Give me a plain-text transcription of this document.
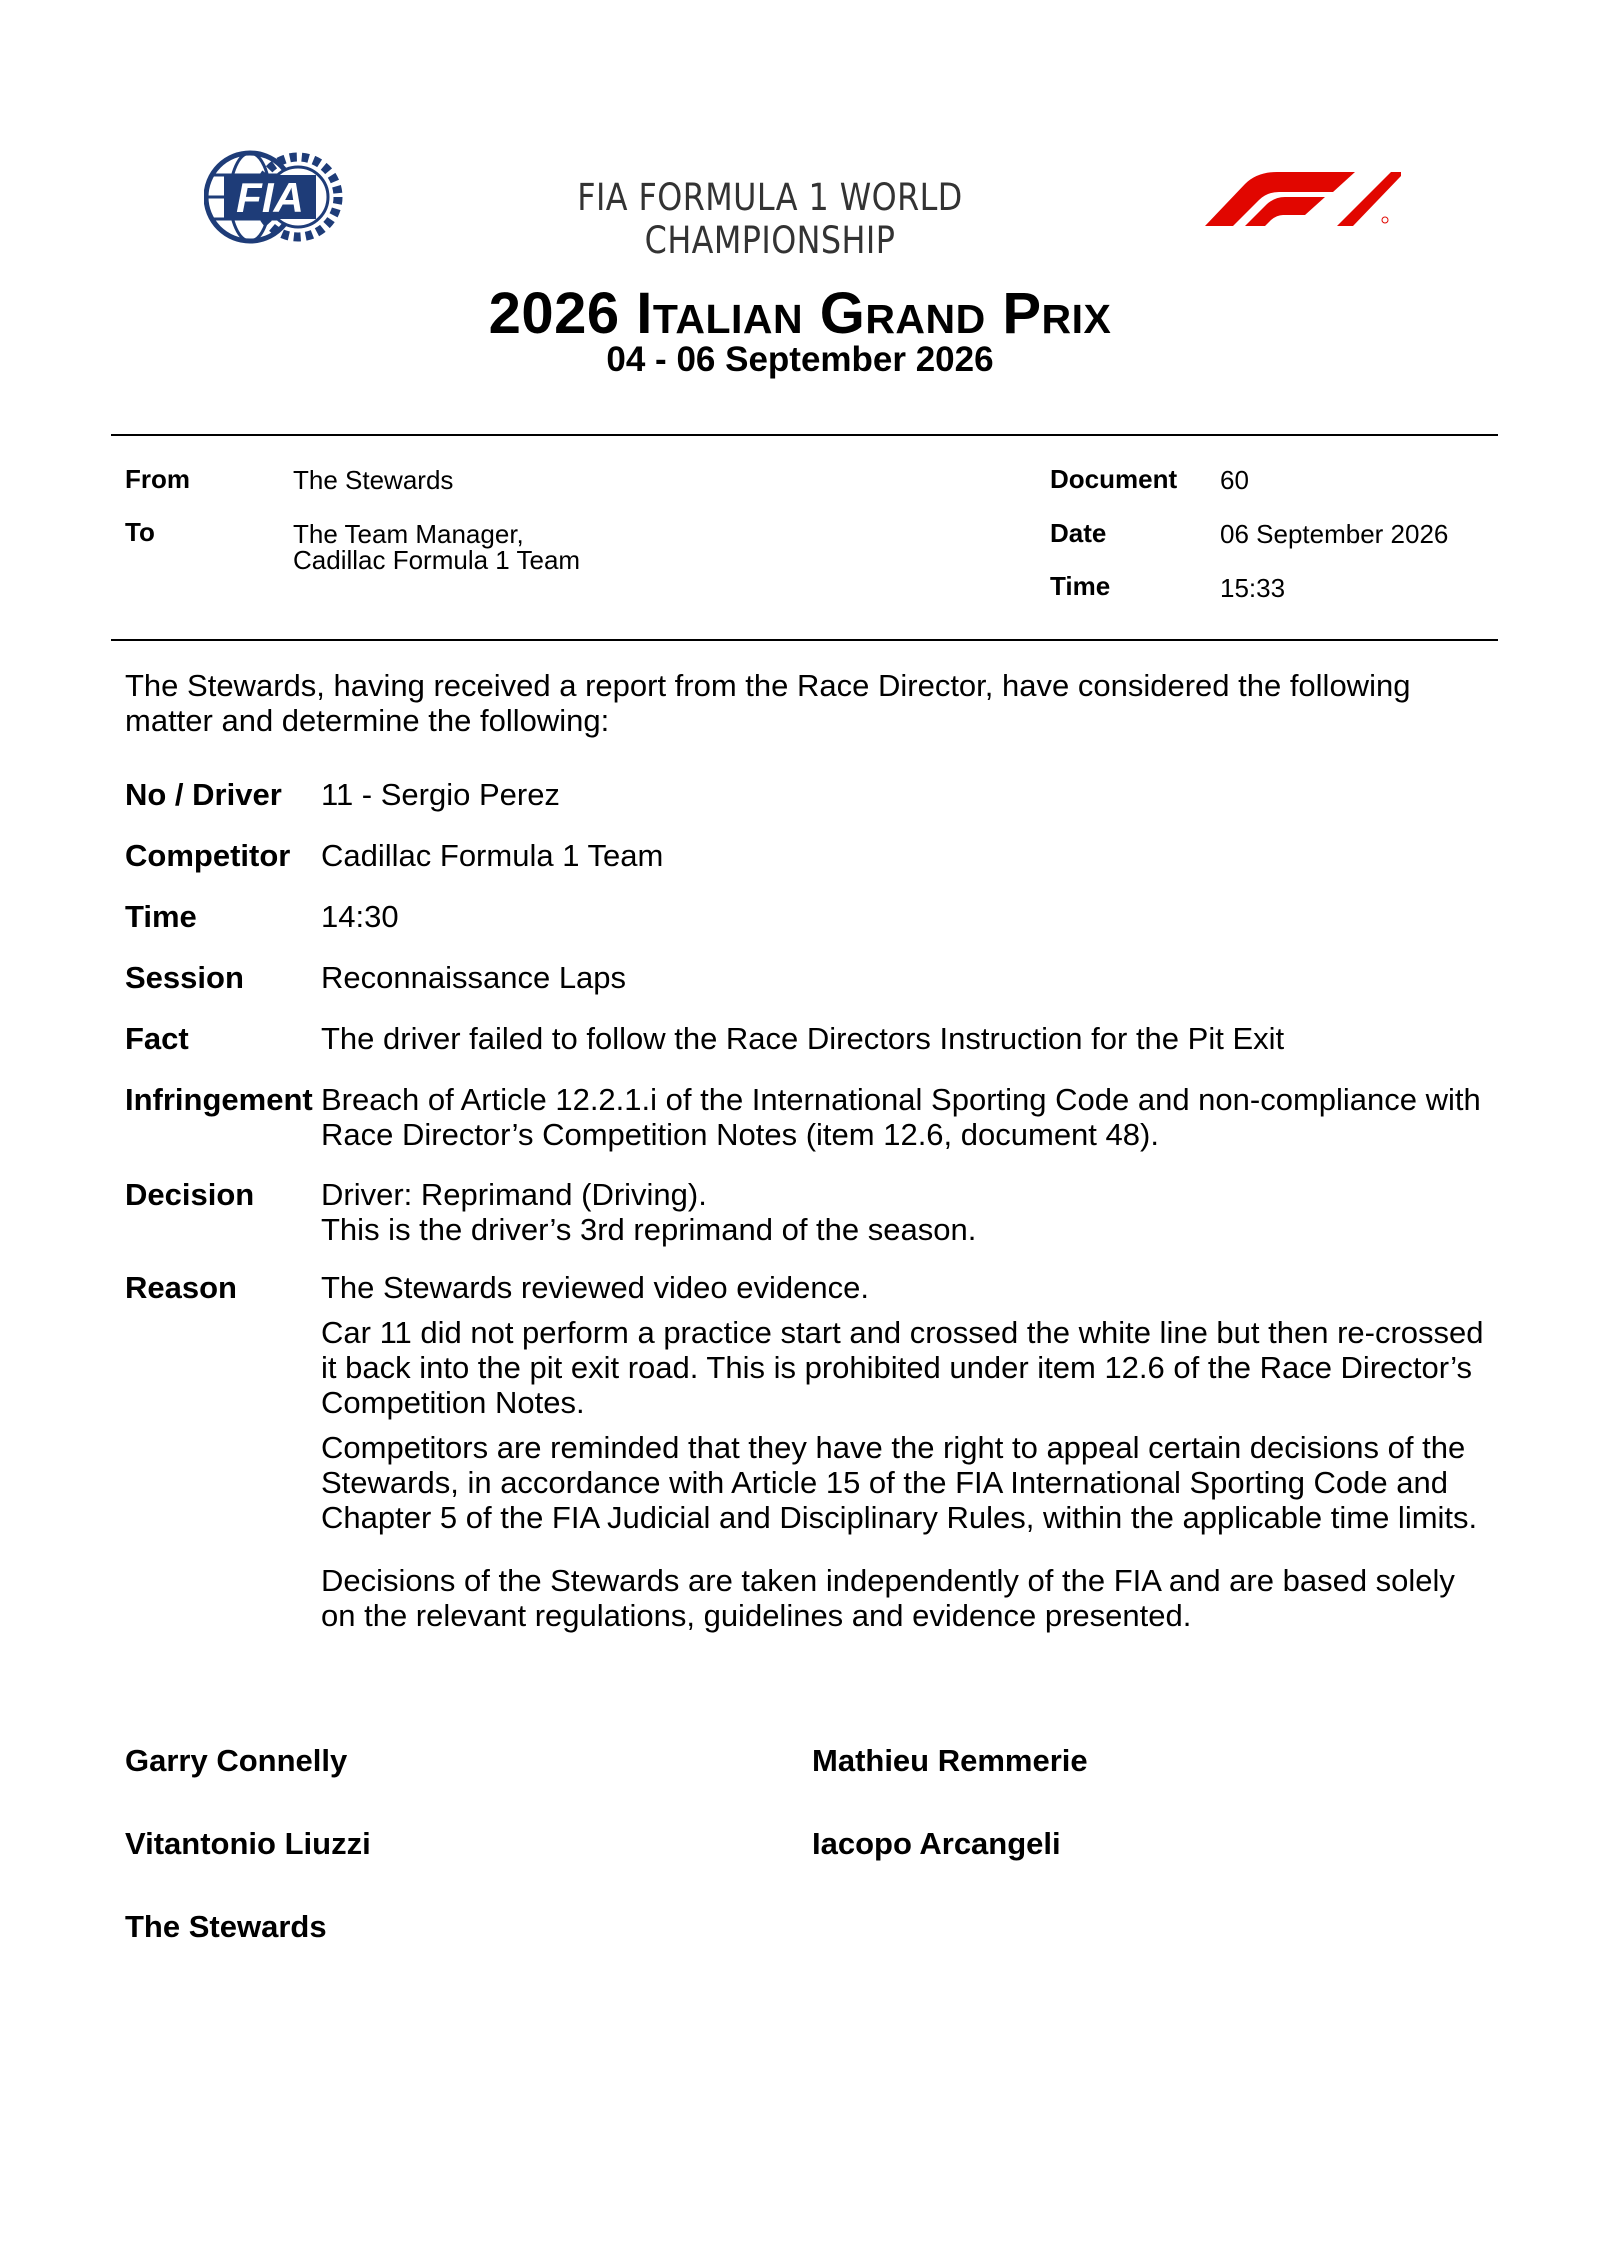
FIA	FIA FORMULA 1 WORLD CHAMPIONSHIP
2026 Italian Grand Prix
04 - 06 September 2026
From	The Stewards
To	The Team Manager,
Cadillac Formula 1 Team
Document 60
Date	06 September 2026
Time	15:33
The Stewards, having received a report from the Race Director, have considered the following matter and determine the following:
No / Driver 11 - Sergio Perez
Competitor Cadillac Formula 1 Team
Time	14:30
Session Reconnaissance Laps
Fact	The driver failed to follow the Race Directors Instruction for the Pit Exit
Infringement Breach of Article 12.2.1.i of the International Sporting Code and non-compliance with Race Director’s Competition Notes (item 12.6, document 48).
Decision Driver: Reprimand (Driving).

This is the driver’s 3rd reprimand of the season.

Reason	The Stewards reviewed video evidence.

Car 11 did not perform a practice start and crossed the white line but then re-crossed it back into the pit exit road. This is prohibited under item 12.6 of the Race Director’s Competition Notes.

Competitors are reminded that they have the right to appeal certain decisions of the Stewards, in accordance with Article 15 of the FIA International Sporting Code and Chapter 5 of the FIA Judicial and Disciplinary Rules, within the applicable time limits.

Decisions of the Stewards are taken independently of the FIA and are based solely on the relevant regulations, guidelines and evidence presented.

Garry Connelly	Mathieu Remmerie
Vitantonio Liuzzi	Iacopo Arcangeli
The Stewards
